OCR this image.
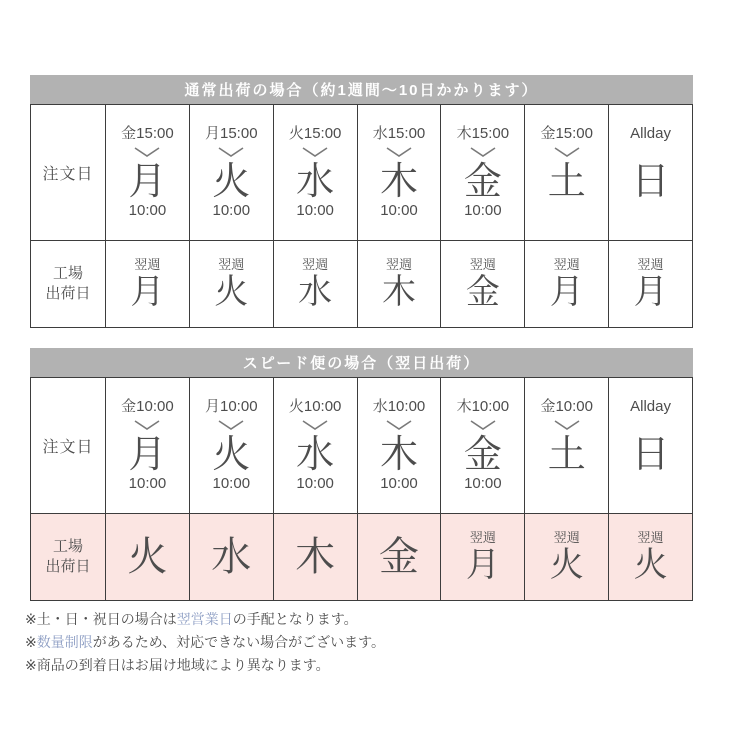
通常出荷の場合（約1週間〜10日かかります）
注文日
金15:00
月
10:00
月15:00
火
10:00
火15:00
水
10:00
水15:00
木
10:00
木15:00
金
10:00
金15:00
土
Allday
日
工場
出荷日
翌週
月
翌週
火
翌週
水
翌週
木
翌週
金
翌週
月
翌週
月
スピード便の場合（翌日出荷）
注文日
金10:00
月
10:00
月10:00
火
10:00
火10:00
水
10:00
水10:00
木
10:00
木10:00
金
10:00
金10:00
土
Allday
日
工場
出荷日 火 水 木 金	翌週
月
翌週
火
翌週
火
※土・日・祝日の場合は翌営業日の手配となります。
※数量制限があるため、対応できない場合がございます。
※商品の到着日はお届け地域により異なります。
